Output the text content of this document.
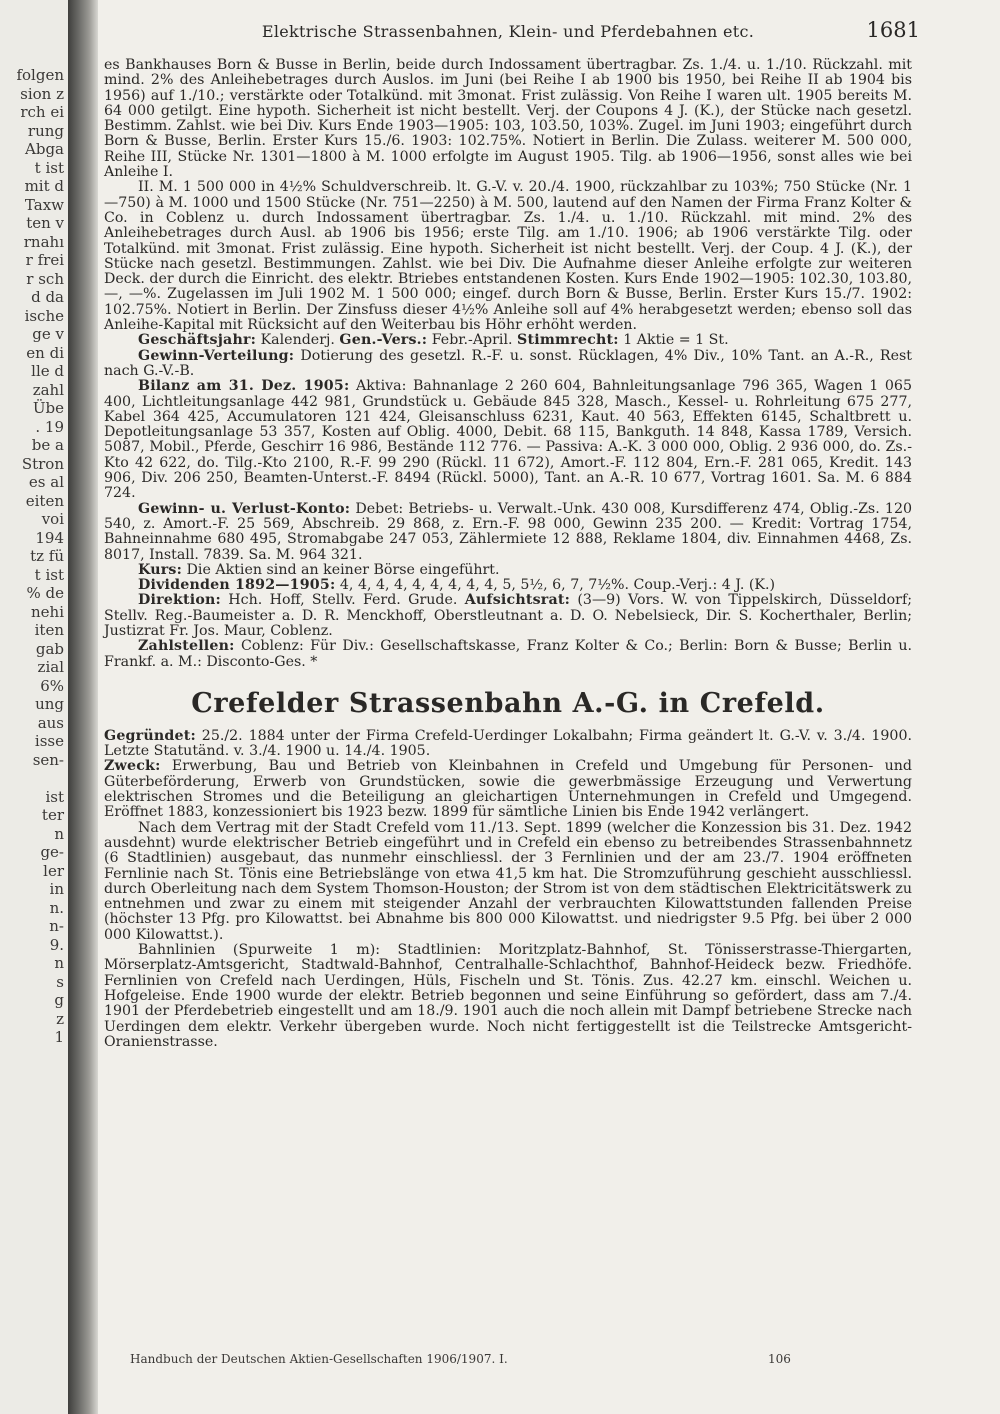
folgen
sion z
rch ei
rung
Abga
t ist
mit d
Taxw
ten v
rnahı
r frei
r sch
d da
ische
ge v
en di
lle d
zahl
Übe
. 19
be a
Stron
es al
eiten
voi
194
tz fü
t ist
% de
nehi
iten
gab
zial
6%
ung
aus
isse
sen-

ist
ter
n
ge-
ler
in
n.
n-
9.
n
s
g
z
1
Elektrische Strassenbahnen, Klein- und Pferdebahnen etc.	1681

es Bankhauses Born & Busse in Berlin, beide durch Indossament übertragbar. Zs. 1./4. u. 1./10. Rückzahl. mit mind. 2% des Anleihebetrages durch Auslos. im Juni (bei Reihe I ab 1900 bis 1950, bei Reihe II ab 1904 bis 1956) auf 1./10.; verstärkte oder Totalkünd. mit 3monat. Frist zulässig. Von Reihe I waren ult. 1905 bereits M. 64 000 getilgt. Eine hypoth. Sicherheit ist nicht bestellt. Verj. der Coupons 4 J. (K.), der Stücke nach gesetzl. Bestimm. Zahlst. wie bei Div. Kurs Ende 1903—1905: 103, 103.50, 103%. Zugel. im Juni 1903; eingeführt durch Born & Busse, Berlin. Erster Kurs 15./6. 1903: 102.75%. Notiert in Berlin. Die Zulass. weiterer M. 500 000, Reihe III, Stücke Nr. 1301—1800 à M. 1000 erfolgte im August 1905. Tilg. ab 1906—1956, sonst alles wie bei Anleihe I.

II. M. 1 500 000 in 4½% Schuldverschreib. lt. G.-V. v. 20./4. 1900, rückzahlbar zu 103%; 750 Stücke (Nr. 1—750) à M. 1000 und 1500 Stücke (Nr. 751—2250) à M. 500, lautend auf den Namen der Firma Franz Kolter & Co. in Coblenz u. durch Indossament übertragbar. Zs. 1./4. u. 1./10. Rückzahl. mit mind. 2% des Anleihebetrages durch Ausl. ab 1906 bis 1956; erste Tilg. am 1./10. 1906; ab 1906 verstärkte Tilg. oder Totalkünd. mit 3monat. Frist zulässig. Eine hypoth. Sicherheit ist nicht bestellt. Verj. der Coup. 4 J. (K.), der Stücke nach gesetzl. Bestimmungen. Zahlst. wie bei Div. Die Aufnahme dieser Anleihe erfolgte zur weiteren Deck. der durch die Einricht. des elektr. Btriebes entstandenen Kosten. Kurs Ende 1902—1905: 102.30, 103.80, —, —%. Zugelassen im Juli 1902 M. 1 500 000; eingef. durch Born & Busse, Berlin. Erster Kurs 15./7. 1902: 102.75%. Notiert in Berlin. Der Zinsfuss dieser 4½% Anleihe soll auf 4% herabgesetzt werden; ebenso soll das Anleihe-Kapital mit Rücksicht auf den Weiterbau bis Höhr erhöht werden.

Geschäftsjahr: Kalenderj. Gen.-Vers.: Febr.-April. Stimmrecht: 1 Aktie = 1 St.

Gewinn-Verteilung: Dotierung des gesetzl. R.-F. u. sonst. Rücklagen, 4% Div., 10% Tant. an A.-R., Rest nach G.-V.-B.

Bilanz am 31. Dez. 1905: Aktiva: Bahnanlage 2 260 604, Bahnleitungsanlage 796 365, Wagen 1 065 400, Lichtleitungsanlage 442 981, Grundstück u. Gebäude 845 328, Masch., Kessel- u. Rohrleitung 675 277, Kabel 364 425, Accumulatoren 121 424, Gleisanschluss 6231, Kaut. 40 563, Effekten 6145, Schaltbrett u. Depotleitungsanlage 53 357, Kosten auf Oblig. 4000, Debit. 68 115, Bankguth. 14 848, Kassa 1789, Versich. 5087, Mobil., Pferde, Geschirr 16 986, Bestände 112 776. — Passiva: A.-K. 3 000 000, Oblig. 2 936 000, do. Zs.-Kto 42 622, do. Tilg.-Kto 2100, R.-F. 99 290 (Rückl. 11 672), Amort.-F. 112 804, Ern.-F. 281 065, Kredit. 143 906, Div. 206 250, Beamten-Unterst.-F. 8494 (Rückl. 5000), Tant. an A.-R. 10 677, Vortrag 1601. Sa. M. 6 884 724.

Gewinn- u. Verlust-Konto: Debet: Betriebs- u. Verwalt.-Unk. 430 008, Kursdifferenz 474, Oblig.-Zs. 120 540, z. Amort.-F. 25 569, Abschreib. 29 868, z. Ern.-F. 98 000, Gewinn 235 200. — Kredit: Vortrag 1754, Bahneinnahme 680 495, Stromabgabe 247 053, Zählermiete 12 888, Reklame 1804, div. Einnahmen 4468, Zs. 8017, Install. 7839. Sa. M. 964 321.

Kurs: Die Aktien sind an keiner Börse eingeführt.

Dividenden 1892—1905: 4, 4, 4, 4, 4, 4, 4, 4, 4, 5, 5½, 6, 7, 7½%. Coup.-Verj.: 4 J. (K.)

Direktion: Hch. Hoff, Stellv. Ferd. Grude. Aufsichtsrat: (3—9) Vors. W. von Tippelskirch, Düsseldorf; Stellv. Reg.-Baumeister a. D. R. Menckhoff, Oberstleutnant a. D. O. Nebelsieck, Dir. S. Kocherthaler, Berlin; Justizrat Fr. Jos. Maur, Coblenz.

Zahlstellen: Coblenz: Für Div.: Gesellschaftskasse, Franz Kolter & Co.; Berlin: Born & Busse; Berlin u. Frankf. a. M.: Disconto-Ges. *

Crefelder Strassenbahn A.-G. in Crefeld.

Gegründet: 25./2. 1884 unter der Firma Crefeld-Uerdinger Lokalbahn; Firma geändert lt. G.-V. v. 3./4. 1900. Letzte Statutänd. v. 3./4. 1900 u. 14./4. 1905.

Zweck: Erwerbung, Bau und Betrieb von Kleinbahnen in Crefeld und Umgebung für Personen- und Güterbeförderung, Erwerb von Grundstücken, sowie die gewerbmässige Erzeugung und Verwertung elektrischen Stromes und die Beteiligung an gleichartigen Unternehmungen in Crefeld und Umgegend. Eröffnet 1883, konzessioniert bis 1923 bezw. 1899 für sämtliche Linien bis Ende 1942 verlängert.

Nach dem Vertrag mit der Stadt Crefeld vom 11./13. Sept. 1899 (welcher die Konzession bis 31. Dez. 1942 ausdehnt) wurde elektrischer Betrieb eingeführt und in Crefeld ein ebenso zu betreibendes Strassenbahnnetz (6 Stadtlinien) ausgebaut, das nunmehr einschliessl. der 3 Fernlinien und der am 23./7. 1904 eröffneten Fernlinie nach St. Tönis eine Betriebslänge von etwa 41,5 km hat. Die Stromzuführung geschieht ausschliessl. durch Oberleitung nach dem System Thomson-Houston; der Strom ist von dem städtischen Elektricitätswerk zu entnehmen und zwar zu einem mit steigender Anzahl der verbrauchten Kilowattstunden fallenden Preise (höchster 13 Pfg. pro Kilowattst. bei Abnahme bis 800 000 Kilowattst. und niedrigster 9.5 Pfg. bei über 2 000 000 Kilowattst.).

Bahnlinien (Spurweite 1 m): Stadtlinien: Moritzplatz-Bahnhof, St. Tönisserstrasse-Thiergarten, Mörserplatz-Amtsgericht, Stadtwald-Bahnhof, Centralhalle-Schlachthof, Bahnhof-Heideck bezw. Friedhöfe. Fernlinien von Crefeld nach Uerdingen, Hüls, Fischeln und St. Tönis. Zus. 42.27 km. einschl. Weichen u. Hofgeleise. Ende 1900 wurde der elektr. Betrieb begonnen und seine Einführung so gefördert, dass am 7./4. 1901 der Pferdebetrieb eingestellt und am 18./9. 1901 auch die noch allein mit Dampf betriebene Strecke nach Uerdingen dem elektr. Verkehr übergeben wurde. Noch nicht fertiggestellt ist die Teilstrecke Amtsgericht-Oranienstrasse.

Handbuch der Deutschen Aktien-Gesellschaften 1906/1907. I.	106
